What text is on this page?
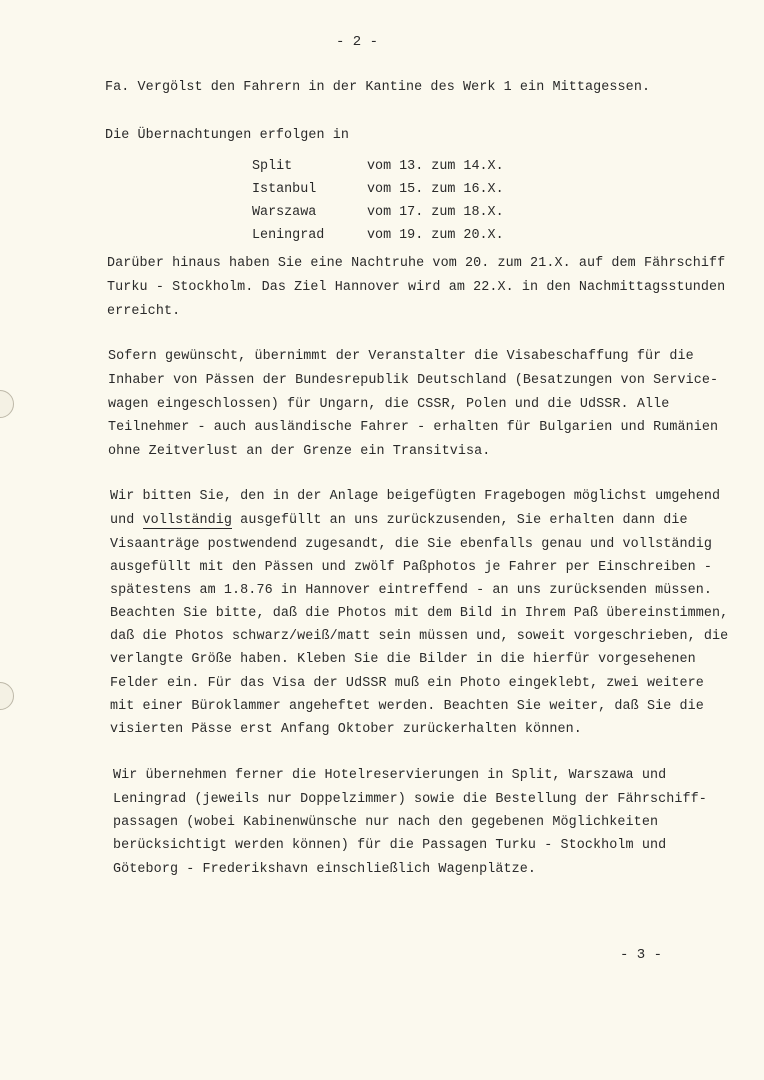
- 2 -
Fa. Vergölst den Fahrern in der Kantine des Werk 1 ein Mittagessen.
Die Übernachtungen erfolgen in
Split	vom 13. zum 14.X.
Istanbul	vom 15. zum 16.X.
Warszawa	vom 17. zum 18.X.
Leningrad	vom 19. zum 20.X.
Darüber hinaus haben Sie eine Nachtruhe vom 20. zum 21.X. auf dem Fährschiff
Turku - Stockholm. Das Ziel Hannover wird am 22.X. in den Nachmittagsstunden
erreicht.
Sofern gewünscht, übernimmt der Veranstalter die Visabeschaffung für die
Inhaber von Pässen der Bundesrepublik Deutschland (Besatzungen von Service-
wagen eingeschlossen) für Ungarn, die CSSR, Polen und die UdSSR. Alle
Teilnehmer - auch ausländische Fahrer - erhalten für Bulgarien und Rumänien
ohne Zeitverlust an der Grenze ein Transitvisa.
Wir bitten Sie, den in der Anlage beigefügten Fragebogen möglichst umgehend
und vollständig ausgefüllt an uns zurückzusenden, Sie erhalten dann die
Visaanträge postwendend zugesandt, die Sie ebenfalls genau und vollständig
ausgefüllt mit den Pässen und zwölf Paßphotos je Fahrer per Einschreiben -
spätestens am 1.8.76 in Hannover eintreffend - an uns zurücksenden müssen.
Beachten Sie bitte, daß die Photos mit dem Bild in Ihrem Paß übereinstimmen,
daß die Photos schwarz/weiß/matt sein müssen und, soweit vorgeschrieben, die
verlangte Größe haben. Kleben Sie die Bilder in die hierfür vorgesehenen
Felder ein. Für das Visa der UdSSR muß ein Photo eingeklebt, zwei weitere
mit einer Büroklammer angeheftet werden. Beachten Sie weiter, daß Sie die
visierten Pässe erst Anfang Oktober zurückerhalten können.
Wir übernehmen ferner die Hotelreservierungen in Split, Warszawa und
Leningrad (jeweils nur Doppelzimmer) sowie die Bestellung der Fährschiff-
passagen (wobei Kabinenwünsche nur nach den gegebenen Möglichkeiten
berücksichtigt werden können) für die Passagen Turku - Stockholm und
Göteborg - Frederikshavn einschließlich Wagenplätze.
- 3 -
